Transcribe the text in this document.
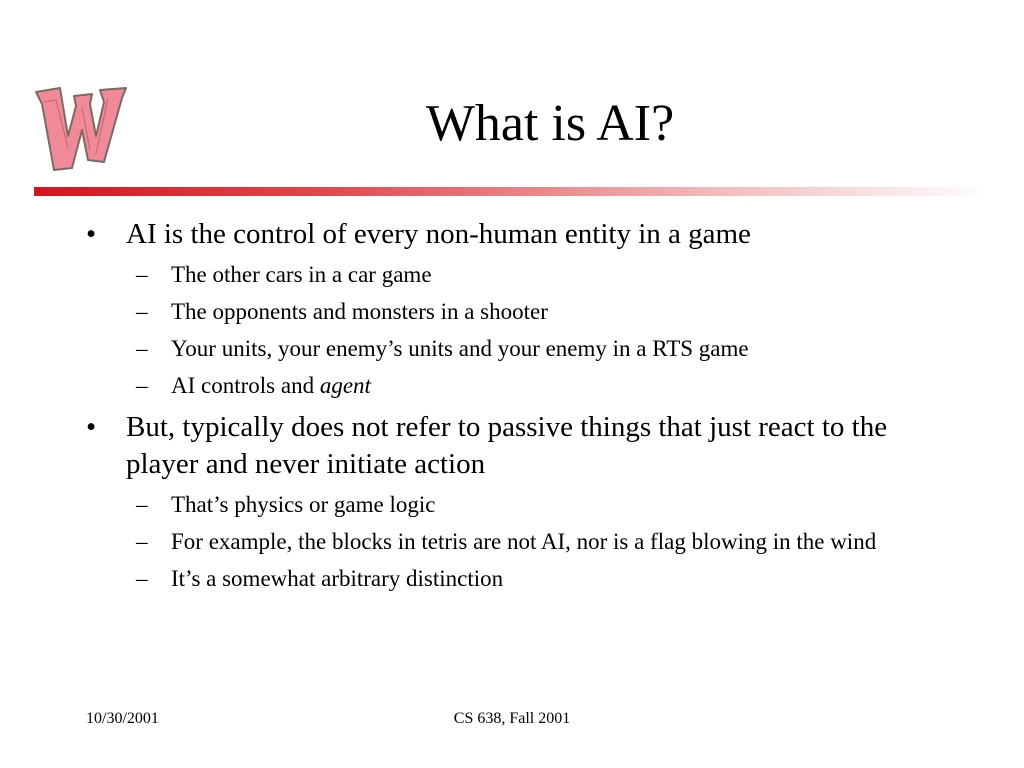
What is AI?
• AI is the control of every non-human entity in a game
– The other cars in a car game
– The opponents and monsters in a shooter
– Your units, your enemy’s units and your enemy in a RTS game
– AI controls and agent
• But, typically does not refer to passive things that just react to the player and never initiate action
– That’s physics or game logic
– For example, the blocks in tetris are not AI, nor is a flag blowing in the wind
– It’s a somewhat arbitrary distinction
10/30/2001	CS 638, Fall 2001
